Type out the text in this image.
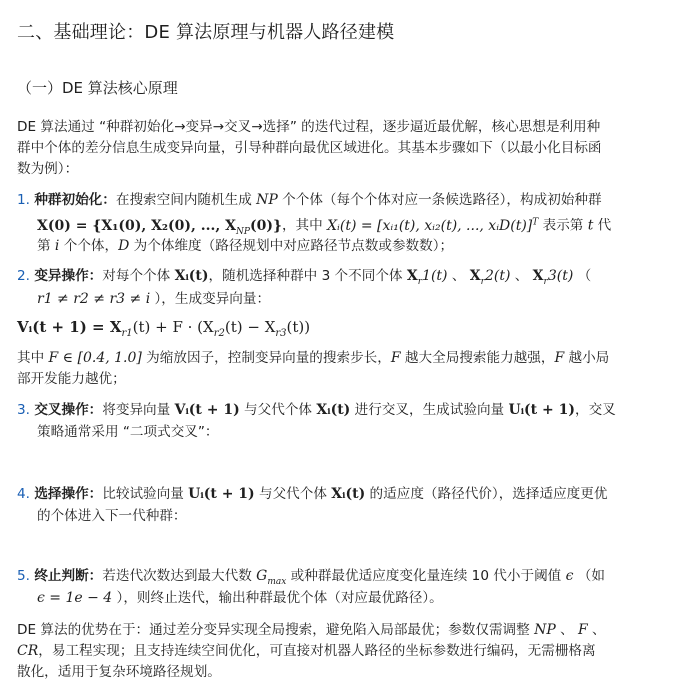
二、基础理论：DE 算法原理与机器人路径建模
（一）DE 算法核心原理
DE 算法通过 “种群初始化→变异→交叉→选择” 的迭代过程，逐步逼近最优解，核心思想是利用种
群中个体的差分信息生成变异向量，引导种群向最优区域进化。其基本步骤如下（以最小化目标函
数为例）：
1. 种群初始化：在搜索空间内随机生成 NP 个个体（每个个体对应一条候选路径），构成初始种群
X(0) = {X₁(0), X₂(0), ..., $X_{NP}(0)$}，其中 Xᵢ(t) = [xᵢ₁(t), xᵢ₂(t), ..., xᵢD(t)]$^T$ 表示第 t 代
第 i 个个体，D 为个体维度（路径规划中对应路径节点数或参数数）；
2. 变异操作：对每个个体 Xᵢ(t)，随机选择种群中 3 个不同个体 $X_r1(t)$ 、 $X_r2(t)$ 、 $X_r3(t)$ （
r1 ≠ r2 ≠ r3 ≠ i ），生成变异向量：
Vᵢ(t + $1) = X_{r1}(t) + F \cdot (X_{r2}(t) - X_{r3}(t))$
其中 F ∈ [0.4, 1.0] 为缩放因子，控制变异向量的搜索步长，F 越大全局搜索能力越强，F 越小局
部开发能力越优；
3. 交叉操作：将变异向量 Vᵢ(t + 1) 与父代个体 Xᵢ(t) 进行交叉，生成试验向量 Uᵢ(t + 1)，交叉
策略通常采用 “二项式交叉”：
4. 选择操作：比较试验向量 Uᵢ(t + 1) 与父代个体 Xᵢ(t) 的适应度（路径代价），选择适应度更优
的个体进入下一代种群：
5. 终止判断：若迭代次数达到最大代数 $G_{max}$ 或种群最优适应度变化量连续 10 代小于阈值 ϵ （如
ϵ = 1e − 4 ），则终止迭代，输出种群最优个体（对应最优路径）。
DE 算法的优势在于：通过差分变异实现全局搜索，避免陷入局部最优；参数仅需调整 NP 、 F 、
CR，易工程实现；且支持连续空间优化，可直接对机器人路径的坐标参数进行编码，无需栅格离
散化，适用于复杂环境路径规划。
